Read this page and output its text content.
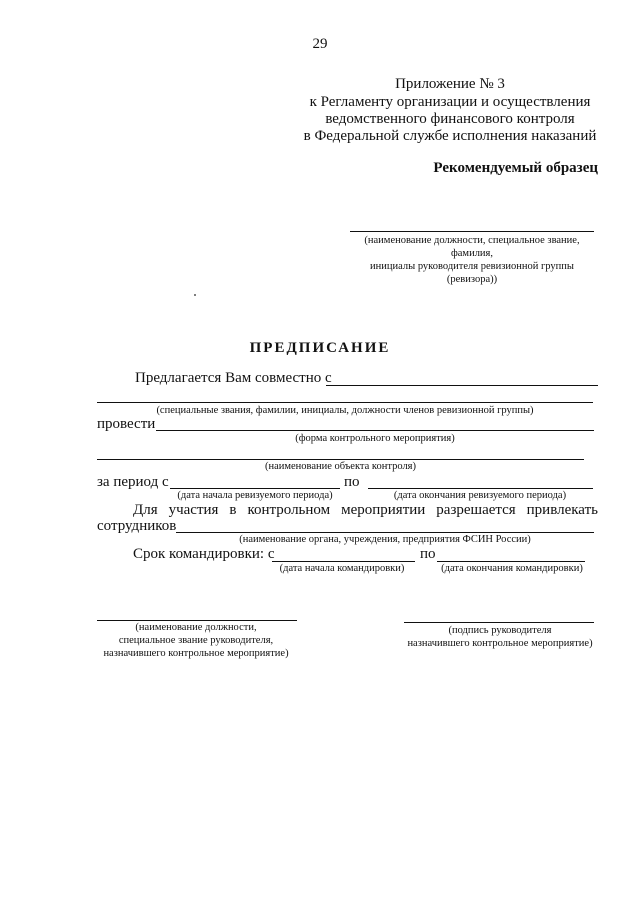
29
Приложение № 3
к Регламенту организации и осуществления
ведомственного финансового контроля
в Федеральной службе исполнения наказаний
Рекомендуемый образец
(наименование должности, специальное звание,
фамилия,
инициалы руководителя ревизионной группы
(ревизора))
ПРЕДПИСАНИЕ
Предлагается Вам совместно с
(специальные звания, фамилии, инициалы, должности членов ревизионной группы)
провести
(форма контрольного мероприятия)
(наименование объекта контроля)
за период с	по
(дата начала ревизуемого периода)	(дата окончания ревизуемого периода)
Для участия в контрольном мероприятии разрешается привлекать
сотрудников
(наименование органа, учреждения, предприятия ФСИН России)
Срок командировки: с	по
(дата начала командировки)	(дата окончания командировки)
(наименование должности,
специальное звание руководителя,
назначившего контрольное мероприятие)
(подпись руководителя
назначившего контрольное мероприятие)
